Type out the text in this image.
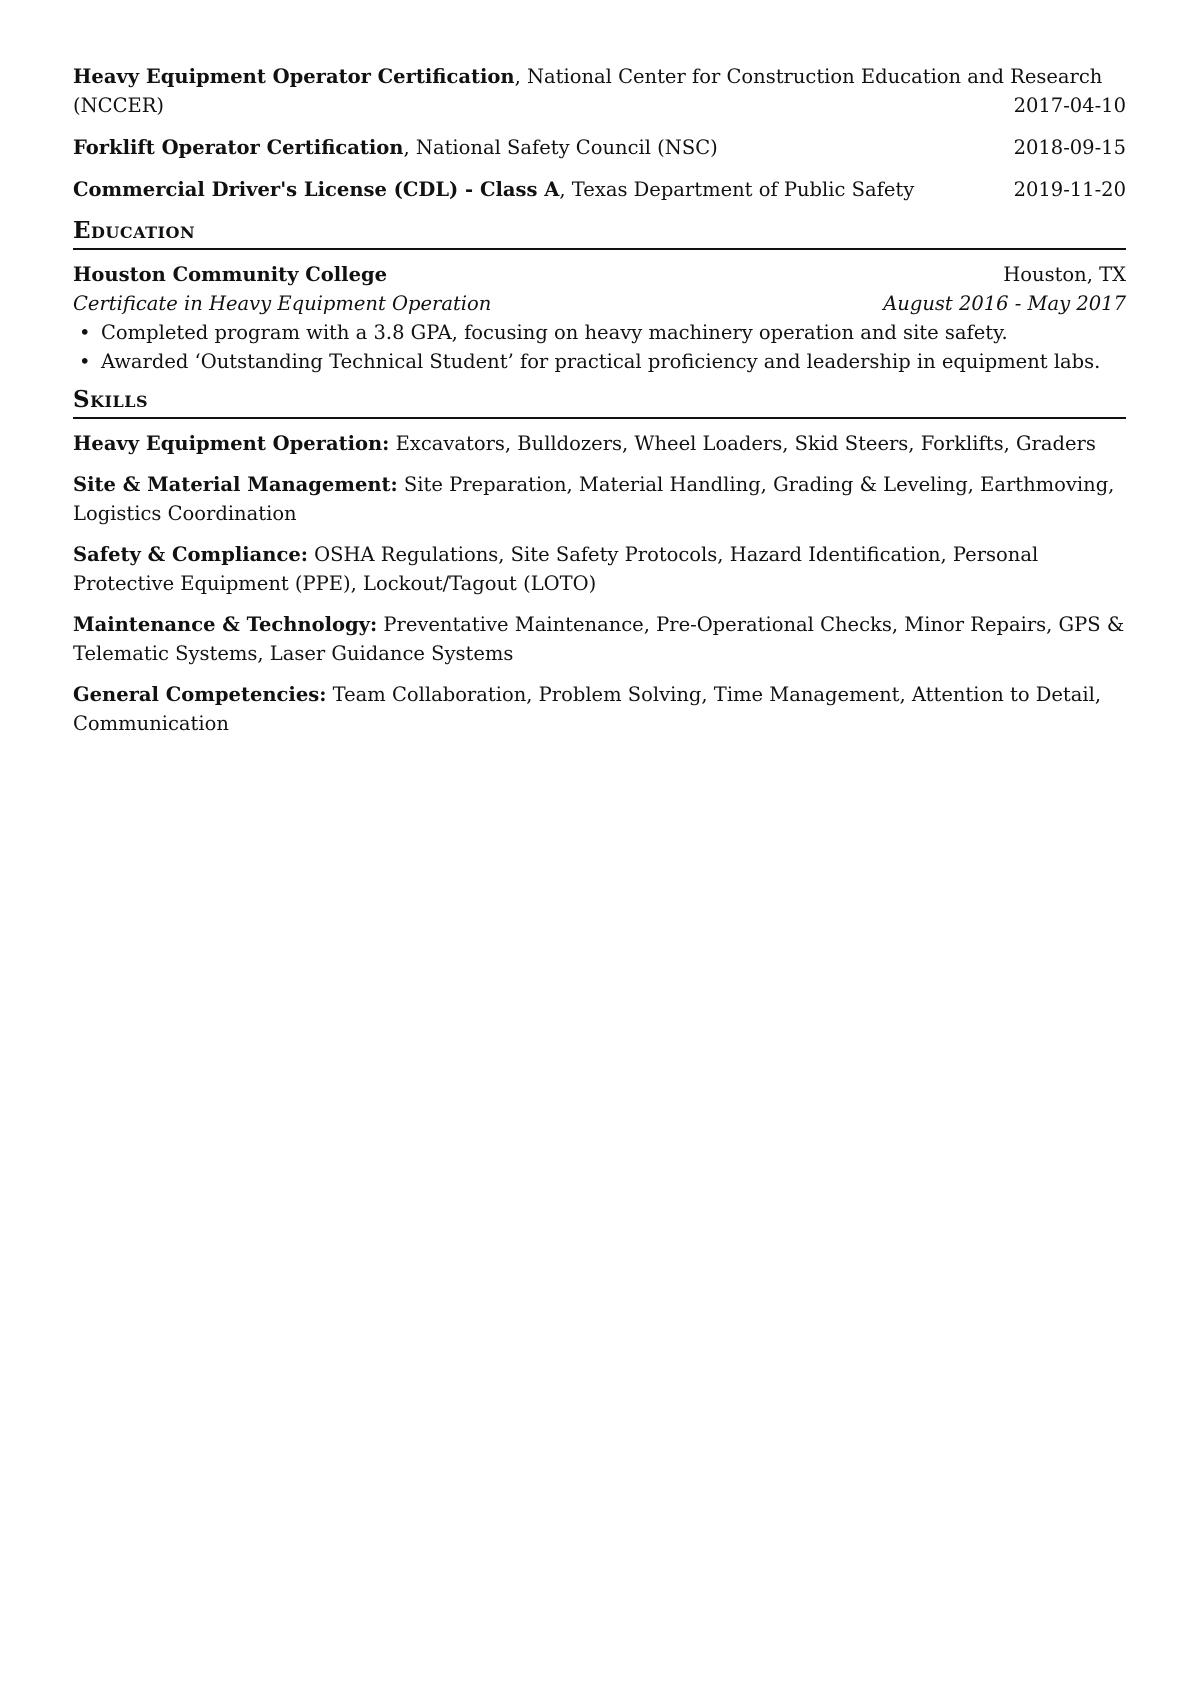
Heavy Equipment Operator Certification, National Center for Construction Education and Research
(NCCER)	2017-04-10
Forklift Operator Certification, National Safety Council (NSC)	2018-09-15
Commercial Driver's License (CDL) - Class A, Texas Department of Public Safety	2019-11-20
Education
Houston Community College	Houston, TX
Certificate in Heavy Equipment Operation	August 2016 - May 2017
• Completed program with a 3.8 GPA, focusing on heavy machinery operation and site safety.
• Awarded ‘Outstanding Technical Student’ for practical proficiency and leadership in equipment labs.
Skills
Heavy Equipment Operation: Excavators, Bulldozers, Wheel Loaders, Skid Steers, Forklifts, Graders
Site & Material Management: Site Preparation, Material Handling, Grading & Leveling, Earthmoving, Logistics Coordination
Safety & Compliance: OSHA Regulations, Site Safety Protocols, Hazard Identification, Personal Protective Equipment (PPE), Lockout/Tagout (LOTO)
Maintenance & Technology: Preventative Maintenance, Pre-Operational Checks, Minor Repairs, GPS & Telematic Systems, Laser Guidance Systems
General Competencies: Team Collaboration, Problem Solving, Time Management, Attention to Detail, Communication
